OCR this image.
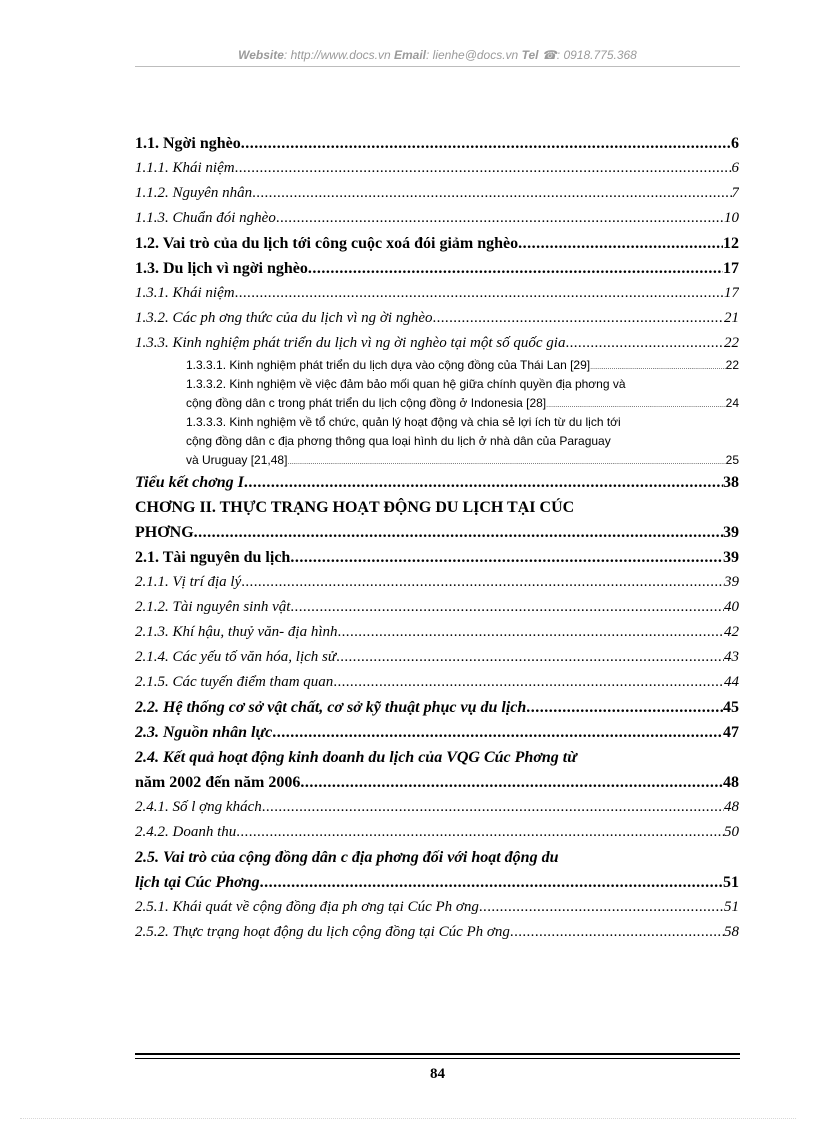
Website: http://www.docs.vn Email: lienhe@docs.vn Tel ☎: 0918.775.368
1.1. Ngời nghèo .....	6
1.1.1. Khái niệm .....	6
1.1.2. Nguyên nhân .....	7
1.1.3. Chuẩn đói nghèo .....	10
1.2. Vai trò của du lịch tới công cuộc xoá đói giảm nghèo .....	12
1.3. Du lịch vì ngời nghèo .....	17
1.3.1. Khái niệm .....	17
1.3.2. Các ph ơng thức của du lịch vì ng ời nghèo .....	21
1.3.3. Kinh nghiệm phát triển du lịch vì ng ời nghèo tại một số quốc gia .....	22
1.3.3.1. Kinh nghiệm phát triển du lịch dựa vào cộng đồng của Thái Lan [29] .....	22
1.3.3.2. Kinh nghiệm về việc đảm bảo mối quan hệ giữa chính quyền địa phơng và
cộng đồng dân c trong phát triển du lịch cộng đồng ở Indonesia [28] .....	24
1.3.3.3. Kinh nghiệm về tổ chức, quản lý hoạt động và chia sẻ lợi ích từ du lịch tới
cộng đồng dân c địa phơng thông qua loại hình du lịch ở nhà dân của Paraguay
và Uruguay [21,48] .....	25
Tiểu kết chơng I .....	38
CHƠNG II. THỰC TRẠNG HOẠT ĐỘNG DU LỊCH TẠI CÚC
PHƠNG .....	39
2.1. Tài nguyên du lịch .....	39
2.1.1. Vị trí địa lý .....	39
2.1.2. Tài nguyên sinh vật .....	40
2.1.3. Khí hậu, thuỷ văn- địa hình .....	42
2.1.4. Các yếu tố văn hóa, lịch sử .....	43
2.1.5. Các tuyến điểm tham quan .....	44
2.2. Hệ thống cơ sở vật chất, cơ sở kỹ thuật phục vụ du lịch .....	45
2.3. Nguồn nhân lực .....	47
2.4. Kết quả hoạt động kinh doanh du lịch của VQG Cúc Phơng từ
năm 2002 đến năm 2006 .....	48
2.4.1. Số l ợng khách .....	48
2.4.2. Doanh thu .....	50
2.5. Vai trò của cộng đồng dân c địa phơng đối với hoạt động du
lịch tại Cúc Phơng .....	51
2.5.1. Khái quát về cộng đồng địa ph ơng tại Cúc Ph ơng .....	51
2.5.2. Thực trạng hoạt động du lịch cộng đồng tại Cúc Ph ơng .....	58
84
